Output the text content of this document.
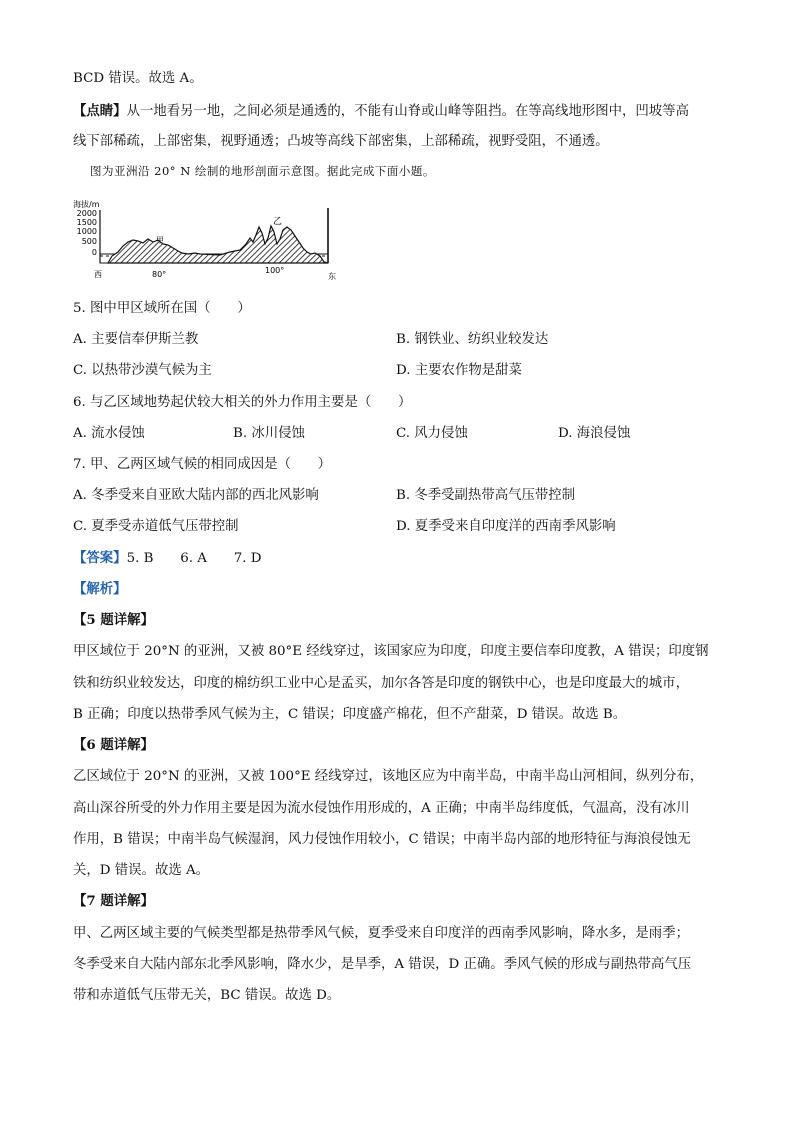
BCD 错误。故选 A。
【点睛】从一地看另一地，之间必须是通透的，不能有山脊或山峰等阻挡。在等高线地形图中，凹坡等高
线下部稀疏，上部密集，视野通透；凸坡等高线下部密集，上部稀疏，视野受阻，不通透。
图为亚洲沿 20° N 绘制的地形剖面示意图。据此完成下面小题。
海拔/m
2000
1500
1000
500
0
甲
乙
西	80°	100°
东
5. 图中甲区域所在国（　　）
A. 主要信奉伊斯兰教	B. 钢铁业、纺织业较发达
C. 以热带沙漠气候为主	D. 主要农作物是甜菜
6. 与乙区域地势起伏较大相关的外力作用主要是（　　）
A. 流水侵蚀	B. 冰川侵蚀	C. 风力侵蚀	D. 海浪侵蚀
7. 甲、乙两区域气候的相同成因是（　　）
A. 冬季受来自亚欧大陆内部的西北风影响	B. 冬季受副热带高气压带控制
C. 夏季受赤道低气压带控制	D. 夏季受来自印度洋的西南季风影响
【答案】5. B　　6. A　　7. D
【解析】
【5 题详解】
甲区域位于 20°N 的亚洲，又被 80°E 经线穿过，该国家应为印度，印度主要信奉印度教，A 错误；印度钢
铁和纺织业较发达，印度的棉纺织工业中心是孟买，加尔各答是印度的钢铁中心，也是印度最大的城市，
B 正确；印度以热带季风气候为主，C 错误；印度盛产棉花，但不产甜菜，D 错误。故选 B。
【6 题详解】
乙区域位于 20°N 的亚洲，又被 100°E 经线穿过，该地区应为中南半岛，中南半岛山河相间，纵列分布，
高山深谷所受的外力作用主要是因为流水侵蚀作用形成的，A 正确；中南半岛纬度低，气温高，没有冰川
作用，B 错误；中南半岛气候湿润，风力侵蚀作用较小，C 错误；中南半岛内部的地形特征与海浪侵蚀无
关，D 错误。故选 A。
【7 题详解】
甲、乙两区域主要的气候类型都是热带季风气候，夏季受来自印度洋的西南季风影响，降水多，是雨季；
冬季受来自大陆内部东北季风影响，降水少，是旱季，A 错误，D 正确。季风气候的形成与副热带高气压
带和赤道低气压带无关，BC 错误。故选 D。
